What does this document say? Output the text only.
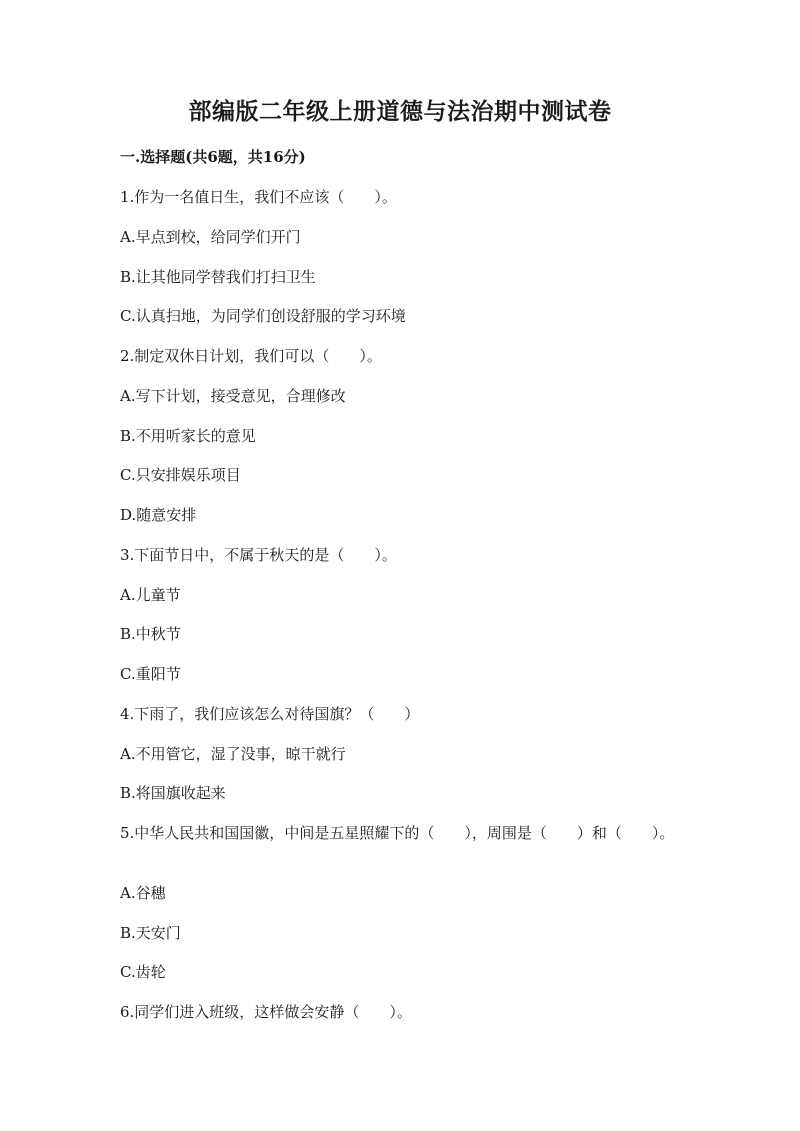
部编版二年级上册道德与法治期中测试卷
一.选择题(共6题，共16分)
1.作为一名值日生，我们不应该（　　）。
A.早点到校，给同学们开门
B.让其他同学替我们打扫卫生
C.认真扫地，为同学们创设舒服的学习环境
2.制定双休日计划，我们可以（　　）。
A.写下计划，接受意见，合理修改
B.不用听家长的意见
C.只安排娱乐项目
D.随意安排
3.下面节日中，不属于秋天的是（　　）。
A.儿童节
B.中秋节
C.重阳节
4.下雨了，我们应该怎么对待国旗？（　　）
A.不用管它，湿了没事，晾干就行
B.将国旗收起来
5.中华人民共和国国徽，中间是五星照耀下的（　　），周围是（　　）和（　　）。
A.谷穗
B.天安门
C.齿轮
6.同学们进入班级，这样做会安静（　　）。
